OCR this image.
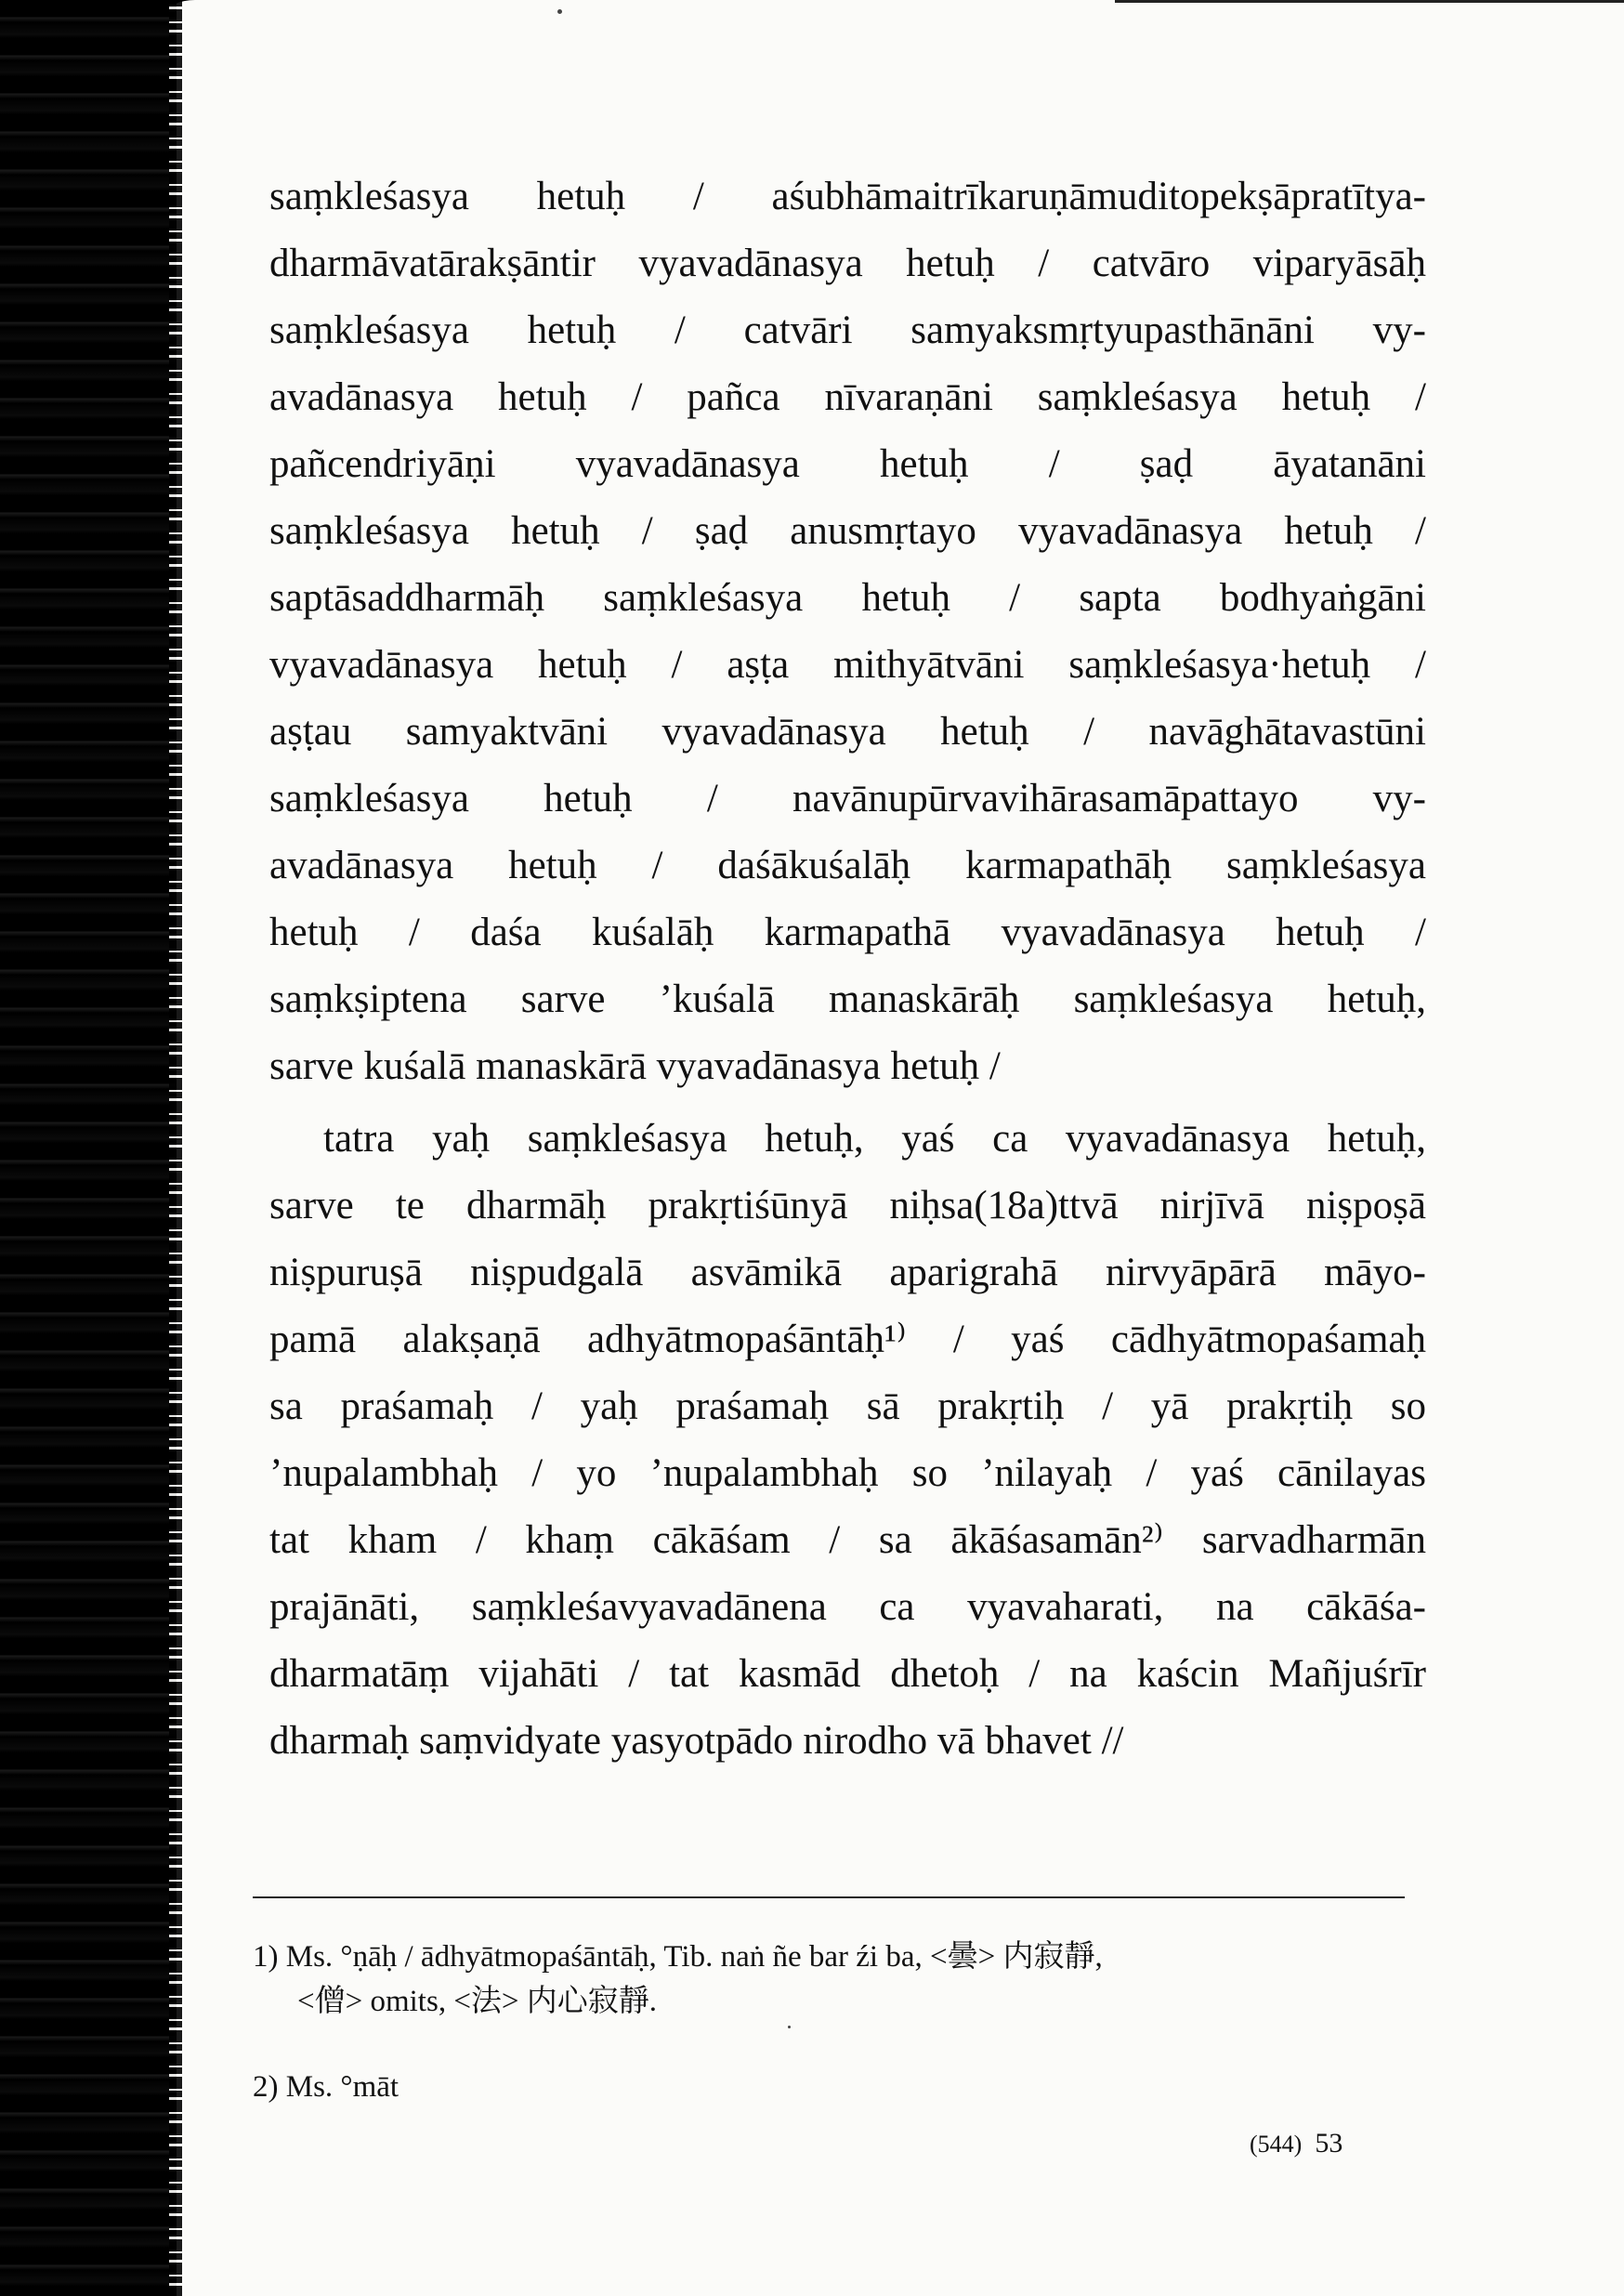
saṃkleśasya hetuḥ / aśubhāmaitrīkaruṇāmuditopekṣāpratītya-
dharmāvatārakṣāntir vyavadānasya hetuḥ / catvāro viparyāsāḥ
saṃkleśasya hetuḥ / catvāri samyaksmṛtyupasthānāni vy-
avadānasya hetuḥ / pañca nīvaraṇāni saṃkleśasya hetuḥ /
pañcendriyāṇi vyavadānasya hetuḥ / ṣaḍ āyatanāni
saṃkleśasya hetuḥ / ṣaḍ anusmṛtayo vyavadānasya hetuḥ /
saptāsaddharmāḥ saṃkleśasya hetuḥ / sapta bodhyaṅgāni
vyavadānasya hetuḥ / aṣṭa mithyātvāni saṃkleśasya·hetuḥ /
aṣṭau samyaktvāni vyavadānasya hetuḥ / navāghātavastūni
saṃkleśasya hetuḥ / navānupūrvavihārasamāpattayo vy-
avadānasya hetuḥ / daśākuśalāḥ karmapathāḥ saṃkleśasya
hetuḥ / daśa kuśalāḥ karmapathā vyavadānasya hetuḥ /
saṃkṣiptena sarve ’kuśalā manaskārāḥ saṃkleśasya hetuḥ,
sarve kuśalā manaskārā vyavadānasya hetuḥ /
tatra yaḥ saṃkleśasya hetuḥ, yaś ca vyavadānasya hetuḥ,
sarve te dharmāḥ prakṛtiśūnyā niḥsa(18a)ttvā nirjīvā niṣpoṣā
niṣpuruṣā niṣpudgalā asvāmikā aparigrahā nirvyāpārā māyo-
pamā alakṣaṇā adhyātmopaśāntāḥ¹⁾ / yaś cādhyātmopaśamaḥ
sa praśamaḥ / yaḥ praśamaḥ sā prakṛtiḥ / yā prakṛtiḥ so
’nupalambhaḥ / yo ’nupalambhaḥ so ’nilayaḥ / yaś cānilayas
tat kham / khaṃ cākāśam / sa ākāśasamān²⁾ sarvadharmān
prajānāti, saṃkleśavyavadānena ca vyavaharati, na cākāśa-
dharmatāṃ vijahāti / tat kasmād dhetoḥ / na kaścin Mañjuśrīr
dharmaḥ saṃvidyate yasyotpādo nirodho vā bhavet //
1) Ms. °ṇāḥ / ādhyātmopaśāntāḥ, Tib. naṅ ñe bar źi ba, <曇> 内寂靜,
<僧> omits, <法> 内心寂靜.
2) Ms. °māt
(544) 53
